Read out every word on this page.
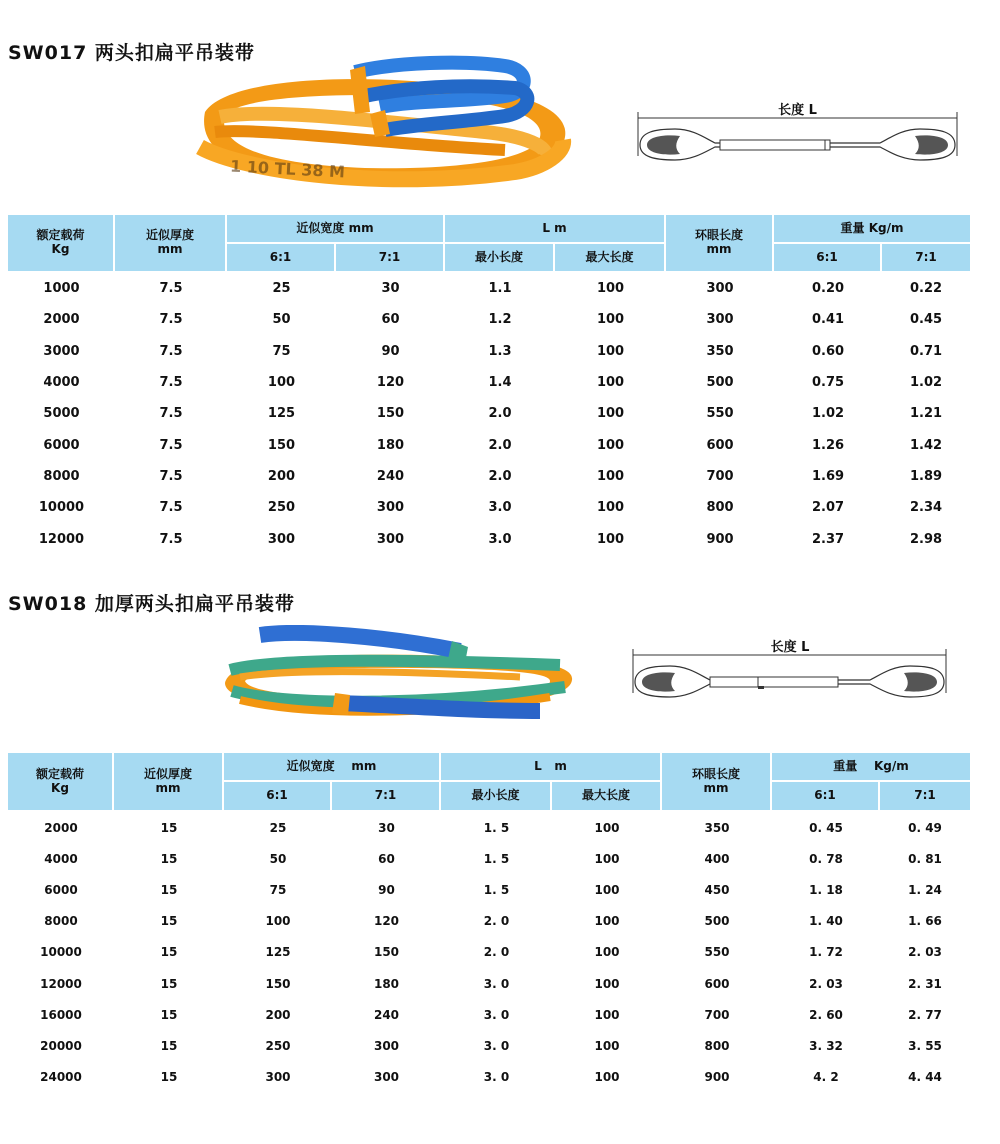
SW017 两头扣扁平吊装带
1 10 TL 38 M
长度 L
额定载荷
Kg	近似厚度
mm	近似宽度 mm		L m		环眼长度
mm	重量 Kg/m	
		6:1	7:1	最小长度	最大长度		6:1	7:1
1000	7.5	25	30	1.1	100	300	0.20	0.22
2000	7.5	50	60	1.2	100	300	0.41	0.45
3000	7.5	75	90	1.3	100	350	0.60	0.71
4000	7.5	100	120	1.4	100	500	0.75	1.02
5000	7.5	125	150	2.0	100	550	1.02	1.21
6000	7.5	150	180	2.0	100	600	1.26	1.42
8000	7.5	200	240	2.0	100	700	1.69	1.89
10000	7.5	250	300	3.0	100	800	2.07	2.34
12000	7.5	300	300	3.0	100	900	2.37	2.98
SW018 加厚两头扣扁平吊装带
长度 L
额定载荷
Kg	近似厚度
mm	近似宽度    mm		L   m		环眼长度
mm	重量    Kg/m	
		6:1	7:1	最小长度	最大长度		6:1	7:1
2000	15	25	30	1. 5	100	350	0. 45	0. 49
4000	15	50	60	1. 5	100	400	0. 78	0. 81
6000	15	75	90	1. 5	100	450	1. 18	1. 24
8000	15	100	120	2. 0	100	500	1. 40	1. 66
10000	15	125	150	2. 0	100	550	1. 72	2. 03
12000	15	150	180	3. 0	100	600	2. 03	2. 31
16000	15	200	240	3. 0	100	700	2. 60	2. 77
20000	15	250	300	3. 0	100	800	3. 32	3. 55
24000	15	300	300	3. 0	100	900	4. 2	4. 44
